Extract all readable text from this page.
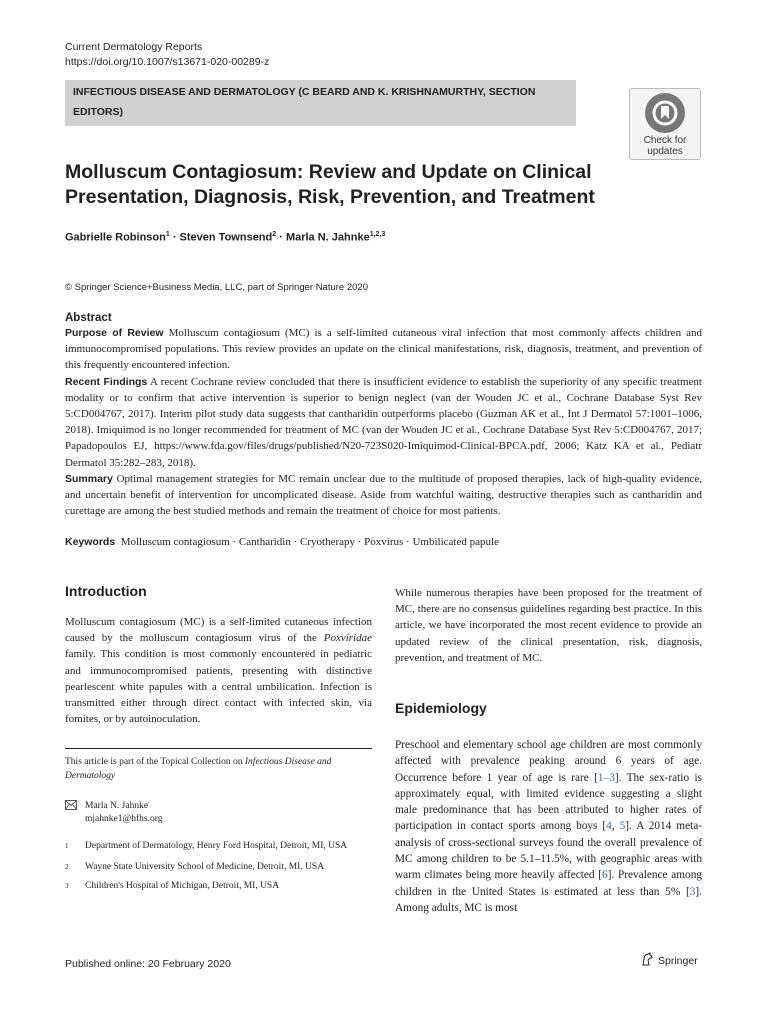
Current Dermatology Reports
https://doi.org/10.1007/s13671-020-00289-z
INFECTIOUS DISEASE AND DERMATOLOGY (C BEARD AND K. KRISHNAMURTHY, SECTION EDITORS)
Check for
updates
Molluscum Contagiosum: Review and Update on Clinical Presentation, Diagnosis, Risk, Prevention, and Treatment
Gabrielle Robinson$^1$ · Steven Townsend$^2$ · Marla N. Jahnke$^{1,2,3}$
© Springer Science+Business Media, LLC, part of Springer Nature 2020
Abstract

Purpose of Review Molluscum contagiosum (MC) is a self-limited cutaneous viral infection that most commonly affects children and immunocompromised populations. This review provides an update on the clinical manifestations, risk, diagnosis, treatment, and prevention of this frequently encountered infection.

Recent Findings A recent Cochrane review concluded that there is insufficient evidence to establish the superiority of any specific treatment modality or to confirm that active intervention is superior to benign neglect (van der Wouden JC et al., Cochrane Database Syst Rev 5:CD004767, 2017). Interim pilot study data suggests that cantharidin outperforms placebo (Guzman AK et al., Int J Dermatol 57:1001–1006, 2018). Imiquimod is no longer recommended for treatment of MC (van der Wouden JC et al., Cochrane Database Syst Rev 5:CD004767, 2017; Papadopoulos EJ, https://www.fda.gov/files/drugs/published/N20-723S020-Imiquimod-Clinical-BPCA.pdf, 2006; Katz KA et al., Pediatr Dermatol 35:282–283, 2018).

Summary Optimal management strategies for MC remain unclear due to the multitude of proposed therapies, lack of high-quality evidence, and uncertain benefit of intervention for uncomplicated disease. Aside from watchful waiting, destructive therapies such as cantharidin and curettage are among the best studied methods and remain the treatment of choice for most patients.

Keywords Molluscum contagiosum · Cantharidin · Cryotherapy · Poxvirus · Umbilicated papule
Introduction

Molluscum contagiosum (MC) is a self-limited cutaneous infection caused by the molluscum contagiosum virus of the Poxviridae family. This condition is most commonly encountered in pediatric and immunocompromised patients, presenting with distinctive pearlescent white papules with a central umbilication. Infection is transmitted either through direct contact with infected skin, via fomites, or by autoinoculation.

This article is part of the Topical Collection on Infectious Disease and Dermatology
Marla N. Jahnke
mjahnke1@hfhs.org
1 Department of Dermatology, Henry Ford Hospital, Detroit, MI, USA
2 Wayne State University School of Medicine, Detroit, MI, USA
3 Children's Hospital of Michigan, Detroit, MI, USA

While numerous therapies have been proposed for the treatment of MC, there are no consensus guidelines regarding best practice. In this article, we have incorporated the most recent evidence to provide an updated review of the clinical presentation, risk, diagnosis, prevention, and treatment of MC.

Epidemiology

Preschool and elementary school age children are most commonly affected with prevalence peaking around 6 years of age. Occurrence before 1 year of age is rare [1–3]. The sex-ratio is approximately equal, with limited evidence suggesting a slight male predominance that has been attributed to higher rates of participation in contact sports among boys [4, 5]. A 2014 meta-analysis of cross-sectional surveys found the overall prevalence of MC among children to be 5.1–11.5%, with geographic areas with warm climates being more heavily affected [6]. Prevalence among children in the United States is estimated at less than 5% [3]. Among adults, MC is most

Published online: 20 February 2020	Springer
